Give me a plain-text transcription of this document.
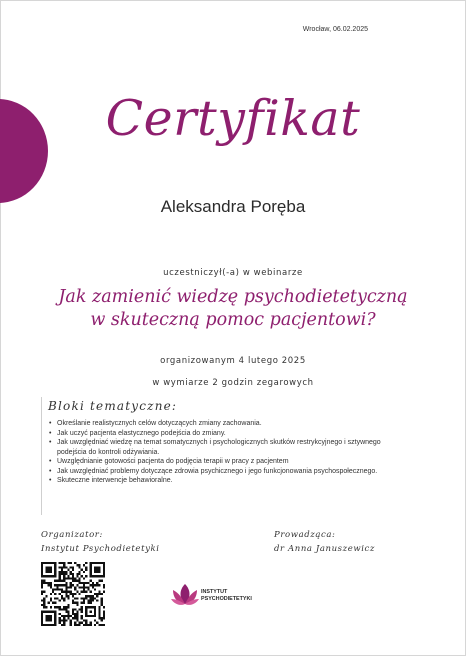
Wrocław, 06.02.2025
Certyfikat
Aleksandra Poręba
uczestniczył(-a) w webinarze
Jak zamienić wiedzę psychodietetyczną
w skuteczną pomoc pacjentowi?
organizowanym 4 lutego 2025
w wymiarze 2 godzin zegarowych
Bloki tematyczne:
• Określanie realistycznych celów dotyczących zmiany zachowania.
• Jak uczyć pacjenta elastycznego podejścia do zmiany.
• Jak uwzględniać wiedzę na temat somatycznych i psychologicznych skutków restrykcyjnego i sztywnego podejścia do kontroli odżywiania.
• Uwzględnianie gotowości pacjenta do podjęcia terapii w pracy z pacjentem
• Jak uwzględniać problemy dotyczące zdrowia psychicznego i jego funkcjonowania psychospołecznego.
• Skuteczne interwencje behawioralne.
Organizator:
Instytut Psychodietetyki
Prowadząca:
dr Anna Januszewicz
INSTYTUT
PSYCHODIETETYKI
